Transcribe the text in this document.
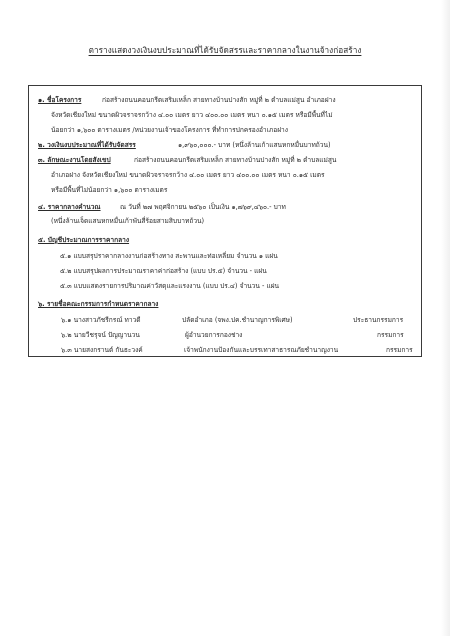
ตารางแสดงวงเงินงบประมาณที่ได้รับจัดสรรและราคากลางในงานจ้างก่อสร้าง
๑. ชื่อโครงการ	ก่อสร้างถนนคอนกรีตเสริมเหล็ก สายทางบ้านปางสัก หมู่ที่ ๒ ตำบลแม่สูน อำเภอฝาง
จังหวัดเชียงใหม่ ขนาดผิวจราจรกว้าง ๔.๐๐ เมตร ยาว ๔๐๐.๐๐ เมตร หนา ๐.๑๕ เมตร หรือมีพื้นที่ไม่
น้อยกว่า ๑,๖๐๐ ตารางเมตร /หน่วยงานเจ้าของโครงการ ที่ทำการปกครองอำเภอฝาง
๒. วงเงินงบประมาณที่ได้รับจัดสรร	๑,๙๖๐,๐๐๐.- บาท (หนึ่งล้านเก้าแสนหกหมื่นบาทถ้วน)
๓. ลักษณะงานโดยสังเขป	ก่อสร้างถนนคอนกรีตเสริมเหล็ก สายทางบ้านปางสัก หมู่ที่ ๒ ตำบลแม่สูน
อำเภอฝาง จังหวัดเชียงใหม่ ขนาดผิวจราจรกว้าง ๔.๐๐ เมตร ยาว ๔๐๐.๐๐ เมตร หนา ๐.๑๕ เมตร
หรือมีพื้นที่ไม่น้อยกว่า ๑,๖๐๐ ตารางเมตร
๔. ราคากลางคำนวณ	ณ วันที่ ๒๗ พฤศจิกายน ๒๕๖๐ เป็นเงิน ๑,๗๖๙,๔๖๐.- บาท
(หนึ่งล้านเจ็ดแสนหกหมื่นเก้าพันสี่ร้อยสามสิบบาทถ้วน)
๕. บัญชีประมาณการราคากลาง
๕.๑ แบบสรุปราคากลางงานก่อสร้างทาง สะพานและท่อเหลี่ยม จำนวน ๑ แผ่น
๕.๒ แบบสรุปผลการประมาณราคาค่าก่อสร้าง (แบบ ปร.๕) จำนวน - แผ่น
๕.๓ แบบแสดงรายการปริมาณค่าวัสดุและแรงงาน (แบบ ปร.๔) จำนวน - แผ่น
๖. รายชื่อคณะกรรมการกำหนดราคากลาง
๖.๑ นางสาวภัชรีกรณ์ ทาวดี	ปลัดอำเภอ (จพง.ปค.ชำนาญการพิเศษ)	ประธานกรรมการ
๖.๒ นายวีชรุจน์ ปัญญานวน	ผู้อำนวยการกองช่าง	กรรมการ
๖.๓ นายสงกรานต์ กันธะวงค์	เจ้าพนักงานป้องกันและบรรเทาสาธารณภัยชำนาญงาน	กรรมการ
